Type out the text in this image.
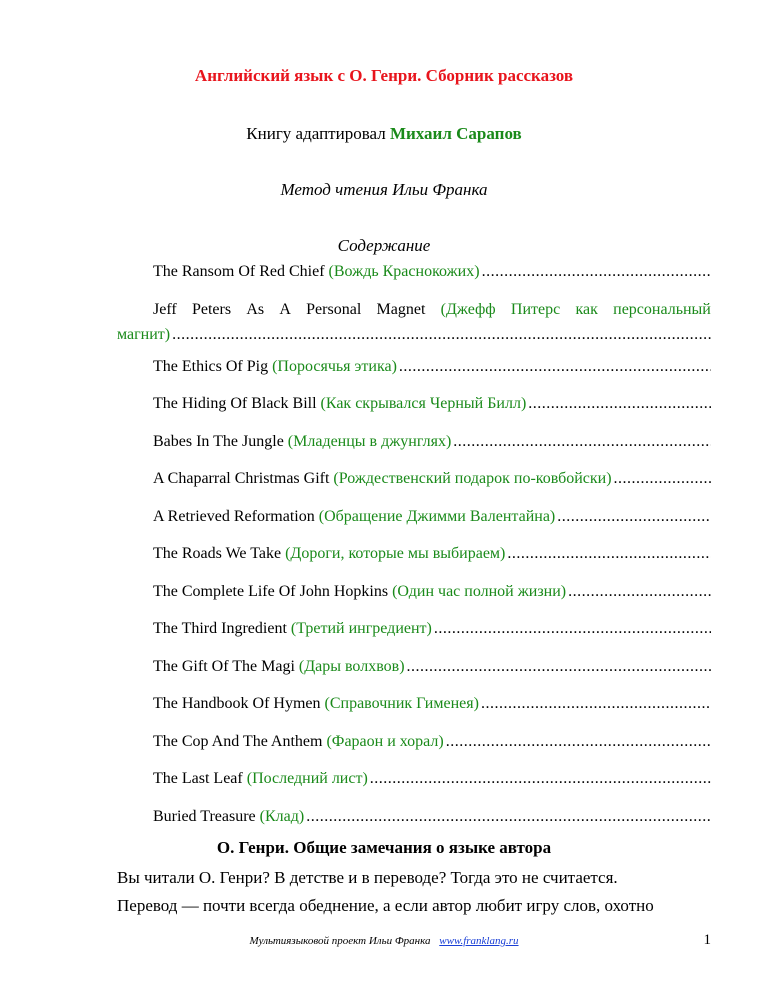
Английский язык с О. Генри. Сборник рассказов
Книгу адаптировал Михаил Сарапов
Метод чтения Ильи Франка
Содержание
The Ransom Of Red Chief (Вождь Краснокожих)
.....
Jeff Peters As A Personal Magnet (Джефф Питерс как персональный
магнит)
.....
The Ethics Of Pig (Поросячья этика)
.....
The Hiding Of Black Bill (Как скрывался Черный Билл)
.....
Babes In The Jungle (Младенцы в джунглях)
.....
A Chaparral Christmas Gift (Рождественский подарок по-ковбойски)
.....
A Retrieved Reformation (Обращение Джимми Валентайна)
.....
The Roads We Take (Дороги, которые мы выбираем)
.....
The Complete Life Of John Hopkins (Один час полной жизни)
.....
The Third Ingredient (Третий ингредиент)
.....
The Gift Of The Magi (Дары волхвов)
.....
The Handbook Of Hymen (Справочник Гименея)
.....
The Cop And The Anthem (Фараон и хорал)
.....
The Last Leaf (Последний лист)
.....
Buried Treasure (Клад)
.....
О. Генри. Общие замечания о языке автора
Вы читали О. Генри? В детстве и в переводе? Тогда это не считается.
Перевод — почти всегда обеднение, а если автор любит игру слов, охотно
Мультиязыковой проект Ильи Франка www.franklang.ru	1
